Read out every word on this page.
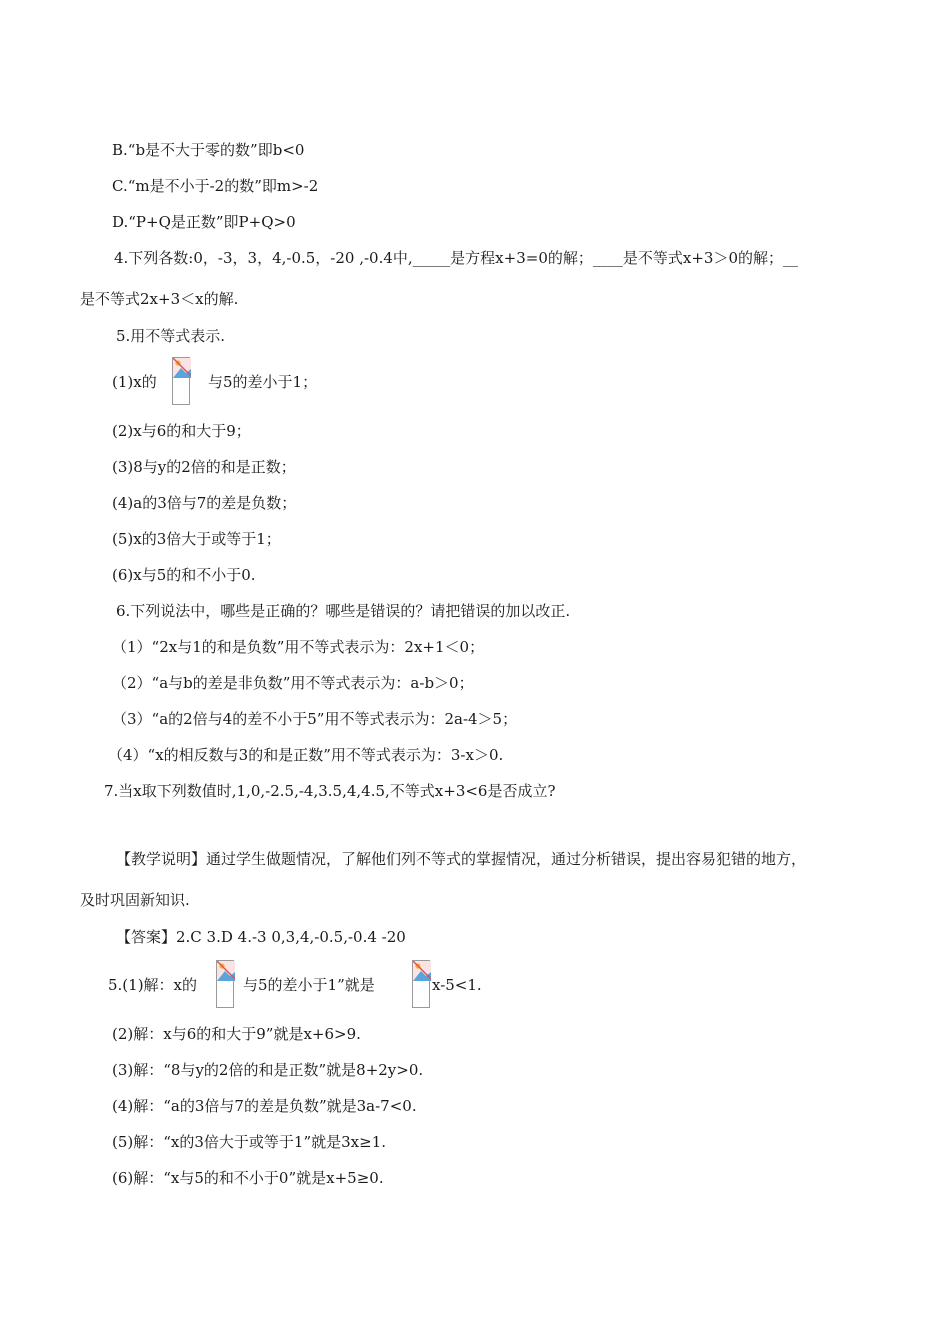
B.“b是不大于零的数”即b<0
C.“m是不小于-2的数”即m>-2
D.“P+Q是正数”即P+Q>0
4.下列各数:0，-3，3，4,-0.5，-20 ,-0.4中,_____是方程x+3=0的解；____是不等式x+3＞0的解；__
是不等式2x+3＜x的解.
5.用不等式表示.
(1)x的	与5的差小于1；
(2)x与6的和大于9；
(3)8与y的2倍的和是正数；
(4)a的3倍与7的差是负数；
(5)x的3倍大于或等于1；
(6)x与5的和不小于0.
6.下列说法中，哪些是正确的？哪些是错误的？请把错误的加以改正.
（1）“2x与1的和是负数”用不等式表示为：2x+1＜0；
（2）“a与b的差是非负数”用不等式表示为：a-b＞0；
（3）“a的2倍与4的差不小于5”用不等式表示为：2a-4＞5；
（4）“x的相反数与3的和是正数”用不等式表示为：3-x＞0.
7.当x取下列数值时,1,0,-2.5,-4,3.5,4,4.5,不等式x+3<6是否成立?
【教学说明】通过学生做题情况，了解他们列不等式的掌握情况，通过分析错误，提出容易犯错的地方，
及时巩固新知识.
【答案】2.C 3.D 4.-3 0,3,4,-0.5,-0.4 -20
5.(1)解：x的	与5的差小于1”就是	x-5<1.
(2)解：x与6的和大于9”就是x+6>9.
(3)解：“8与y的2倍的和是正数”就是8+2y>0.
(4)解：“a的3倍与7的差是负数”就是3a-7<0.
(5)解：“x的3倍大于或等于1”就是3x≥1.
(6)解：“x与5的和不小于0”就是x+5≥0.
